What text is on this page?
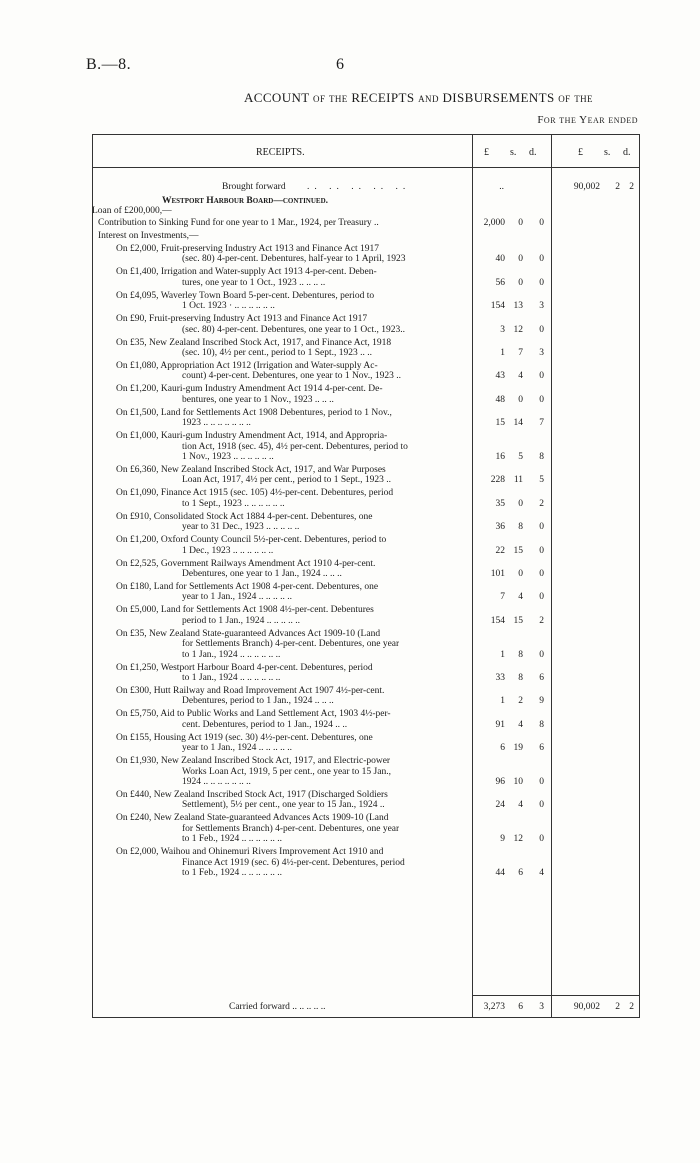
B.—8.	6
ACCOUNT of the RECEIPTS and DISBURSEMENTS of the
For the Year ended
RECEIPTS.	£ s. d.	£ s. d.
Brought forward .. .. .. .. ..	..	90,002 2 2
Westport Harbour Board—continued.
Loan of £200,000,—
Contribution to Sinking Fund for one year to 1 Mar., 1924, per Treasury ..	2,000 0 0
Interest on Investments,—
On £2,000, Fruit-preserving Industry Act 1913 and Finance Act 1917
(sec. 80) 4-per-cent. Debentures, half-year to 1 April, 1923	40 0 0
On £1,400, Irrigation and Water-supply Act 1913 4-per-cent. Deben-
tures, one year to 1 Oct., 1923 .. .. .. ..	56 0 0
On £4,095, Waverley Town Board 5-per-cent. Debentures, period to
1 Oct. 1923 · .. .. .. .. .. ..	154 13 3
On £90, Fruit-preserving Industry Act 1913 and Finance Act 1917
(sec. 80) 4-per-cent. Debentures, one year to 1 Oct., 1923..	3 12 0
On £35, New Zealand Inscribed Stock Act, 1917, and Finance Act, 1918
(sec. 10), 4½ per cent., period to 1 Sept., 1923 .. ..	1 7 3
On £1,080, Appropriation Act 1912 (Irrigation and Water-supply Ac-
count) 4-per-cent. Debentures, one year to 1 Nov., 1923 ..	43 4 0
On £1,200, Kauri-gum Industry Amendment Act 1914 4-per-cent. De-
bentures, one year to 1 Nov., 1923 .. .. ..	48 0 0
On £1,500, Land for Settlements Act 1908 Debentures, period to 1 Nov.,
1923 .. .. .. .. .. .. ..	15 14 7
On £1,000, Kauri-gum Industry Amendment Act, 1914, and Appropria-
tion Act, 1918 (sec. 45), 4½ per-cent. Debentures, period to
1 Nov., 1923 .. .. .. .. .. ..	16 5 8
On £6,360, New Zealand Inscribed Stock Act, 1917, and War Purposes
Loan Act, 1917, 4½ per cent., period to 1 Sept., 1923 ..	228 11 5
On £1,090, Finance Act 1915 (sec. 105) 4½-per-cent. Debentures, period
to 1 Sept., 1923 .. .. .. .. .. ..	35 0 2
On £910, Consolidated Stock Act 1884 4-per-cent. Debentures, one
year to 31 Dec., 1923 .. .. .. .. ..	36 8 0
On £1,200, Oxford County Council 5½-per-cent. Debentures, period to
1 Dec., 1923 .. .. .. .. .. ..	22 15 0
On £2,525, Government Railways Amendment Act 1910 4-per-cent.
Debentures, one year to 1 Jan., 1924 .. .. ..	101 0 0
On £180, Land for Settlements Act 1908 4-per-cent. Debentures, one
year to 1 Jan., 1924 .. .. .. .. ..	7 4 0
On £5,000, Land for Settlements Act 1908 4½-per-cent. Debentures
period to 1 Jan., 1924 .. .. .. .. ..	154 15 2
On £35, New Zealand State-guaranteed Advances Act 1909-10 (Land
for Settlements Branch) 4-per-cent. Debentures, one year
to 1 Jan., 1924 .. .. .. .. .. ..	1 8 0
On £1,250, Westport Harbour Board 4-per-cent. Debentures, period
to 1 Jan., 1924 .. .. .. .. .. ..	33 8 6
On £300, Hutt Railway and Road Improvement Act 1907 4½-per-cent.
Debentures, period to 1 Jan., 1924 .. .. ..	1 2 9
On £5,750, Aid to Public Works and Land Settlement Act, 1903 4½-per-
cent. Debentures, period to 1 Jan., 1924 .. ..	91 4 8
On £155, Housing Act 1919 (sec. 30) 4½-per-cent. Debentures, one
year to 1 Jan., 1924 .. .. .. .. ..	6 19 6
On £1,930, New Zealand Inscribed Stock Act, 1917, and Electric-power
Works Loan Act, 1919, 5 per cent., one year to 15 Jan.,
1924 .. .. .. .. .. .. ..	96 10 0
On £440, New Zealand Inscribed Stock Act, 1917 (Discharged Soldiers
Settlement), 5½ per cent., one year to 15 Jan., 1924 ..	24 4 0
On £240, New Zealand State-guaranteed Advances Acts 1909-10 (Land
for Settlements Branch) 4-per-cent. Debentures, one year
to 1 Feb., 1924 .. .. .. .. .. ..	9 12 0
On £2,000, Waihou and Ohinemuri Rivers Improvement Act 1910 and
Finance Act 1919 (sec. 6) 4½-per-cent. Debentures, period
to 1 Feb., 1924 .. .. .. .. .. ..	44 6 4
Carried forward .. .. .. .. ..	3,273 6 3	90,002 2 2
